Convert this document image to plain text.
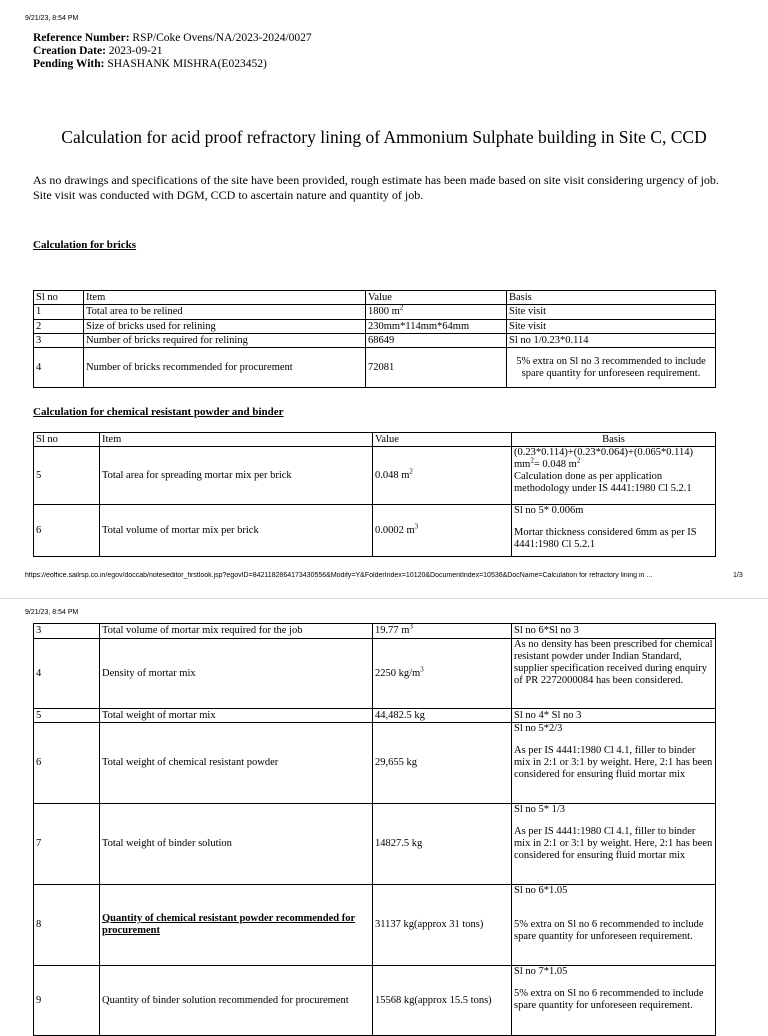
9/21/23, 8:54 PM
Reference Number: RSP/Coke Ovens/NA/2023-2024/0027
Creation Date: 2023-09-21
Pending With: SHASHANK MISHRA(E023452)
Calculation for acid proof refractory lining of Ammonium Sulphate building in Site C, CCD
As no drawings and specifications of the site have been provided, rough estimate has been made based on site visit considering urgency of job. Site visit was conducted with DGM, CCD to ascertain nature and quantity of job.
Calculation for bricks
Sl no	Item	Value	Basis
1	Total area to be relined	1800 $m^2$	Site visit
2	Size of bricks used for relining	230mm*114mm*64mm	Site visit
3	Number of bricks required for relining	68649	Sl no 1/0.23*0.114
4	Number of bricks recommended for procurement	72081	5% extra on Sl no 3 recommended to include spare quantity for unforeseen requirement.
Calculation for chemical resistant powder and binder
Sl no	Item	Value	Basis
5	Total area for spreading mortar mix per brick	0.048 $m^2$	(0.23*0.114)+(0.23*0.064)+(0.065*0.114)
$mm^2= 0.048$ $m^2$
Calculation done as per application methodology under IS 4441:1980 Cl 5.2.1
6	Total volume of mortar mix per brick	0.0002 $m^3$	Sl no 5* 0.006m
Mortar thickness considered 6mm as per IS 4441:1980 Cl 5.2.1
https://eoffice.sailrsp.co.in/egov/doccab/noteseditor_firstlook.jsp?egovID=8421182864173430556&Modify=Y&FolderIndex=10120&DocumentIndex=10536&DocName=Calculation for refractory lining in ...	1/3
9/21/23, 8:54 PM
3	Total volume of mortar mix required for the job	19.77 $m^3$	Sl no 6*Sl no 3
4	Density of mortar mix	2250 $kg/m^3$	As no density has been prescribed for chemical resistant powder under Indian Standard, supplier specification received during enquiry of PR 2272000084 has been considered.
5	Total weight of mortar mix	44,482.5 kg	Sl no 4* Sl no 3
6	Total weight of chemical resistant powder	29,655 kg	Sl no 5*2/3
As per IS 4441:1980 Cl 4.1, filler to binder mix in 2:1 or 3:1 by weight. Here, 2:1 has been considered for ensuring fluid mortar mix

7	Total weight of binder solution	14827.5 kg	Sl no 5* 1/3
As per IS 4441:1980 Cl 4.1, filler to binder mix in 2:1 or 3:1 by weight. Here, 2:1 has been considered for ensuring fluid mortar mix

8	Quantity of chemical resistant powder recommended for procurement	31137 kg(approx 31 tons)	Sl no 6*1.05
5% extra on Sl no 6 recommended to include spare quantity for unforeseen requirement.

9	Quantity of binder solution recommended for procurement	15568 kg(approx 15.5 tons)	Sl no 7*1.05
5% extra on Sl no 6 recommended to include spare quantity for unforeseen requirement.
